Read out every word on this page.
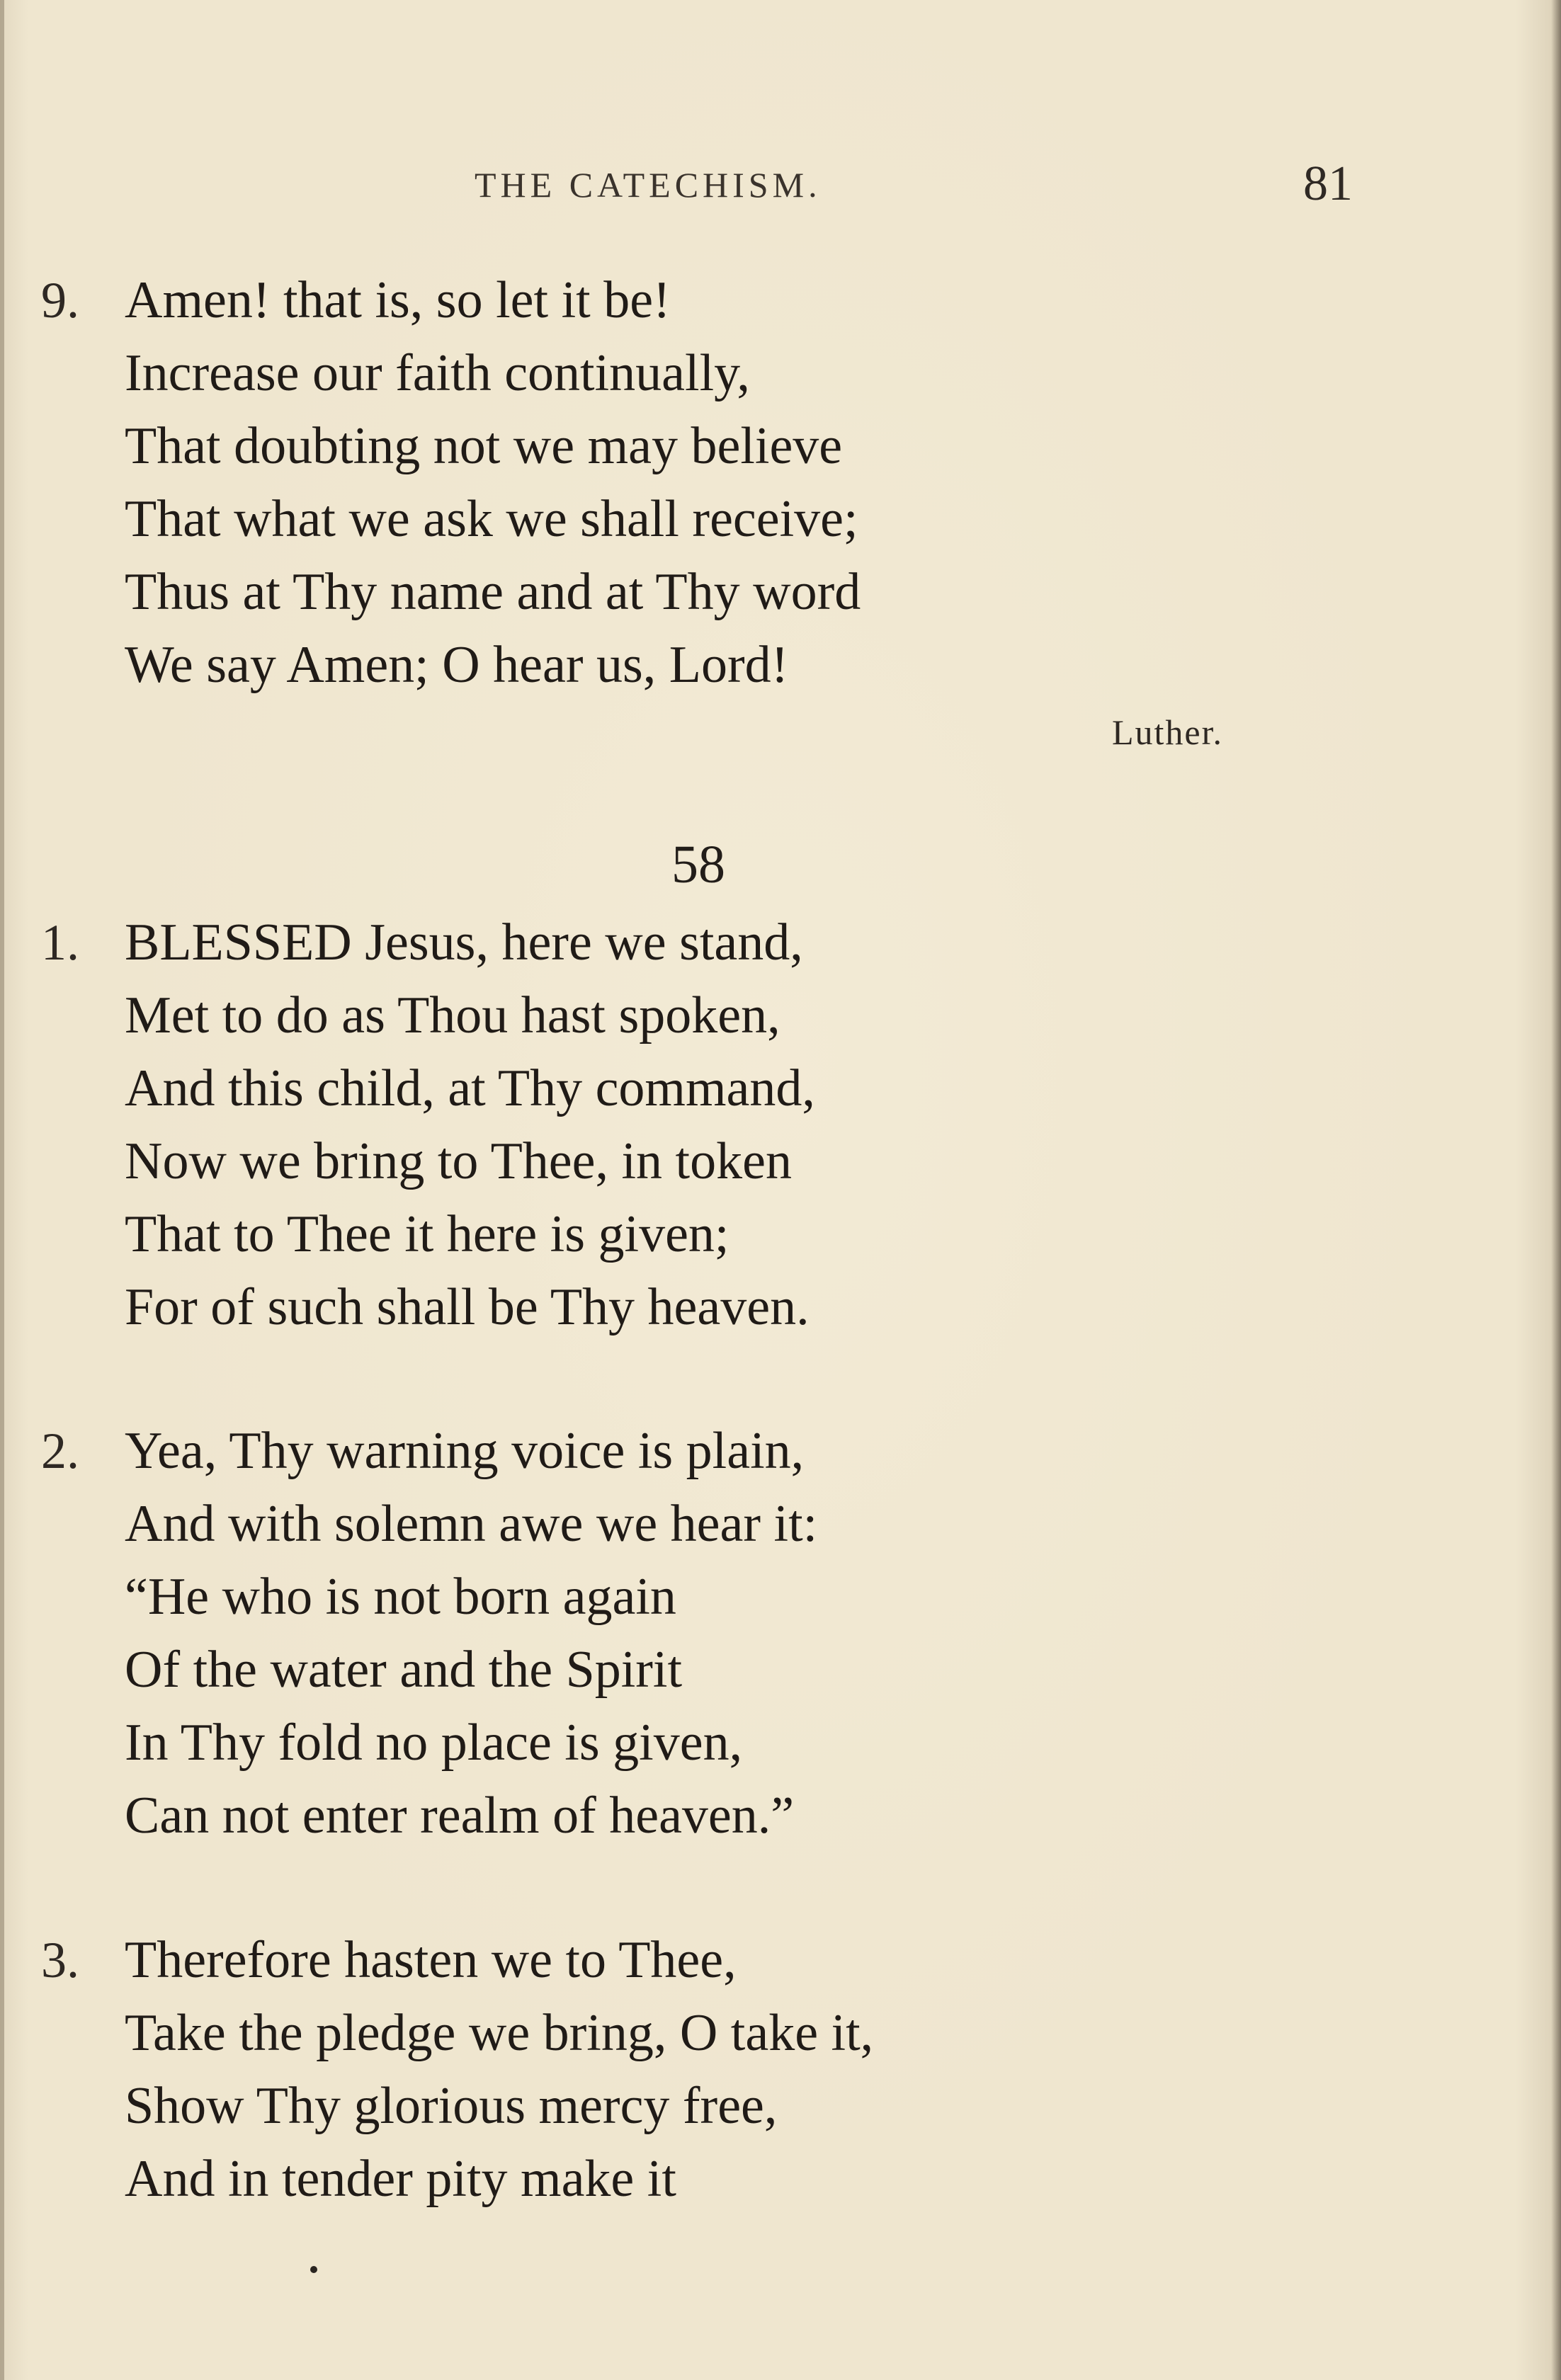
THE CATECHISM.	81
9. Amen! that is, so let it be!
Increase our faith continually,
That doubting not we may believe
That what we ask we shall receive;
Thus at Thy name and at Thy word
We say Amen; O hear us, Lord!
Luther.
58
1. BLESSED Jesus, here we stand,
Met to do as Thou hast spoken,
And this child, at Thy command,
Now we bring to Thee, in token
That to Thee it here is given;
For of such shall be Thy heaven.
2. Yea, Thy warning voice is plain,
And with solemn awe we hear it:
“He who is not born again
Of the water and the Spirit
In Thy fold no place is given,
Can not enter realm of heaven.”
3. Therefore hasten we to Thee,
Take the pledge we bring, O take it,
Show Thy glorious mercy free,
And in tender pity make it
